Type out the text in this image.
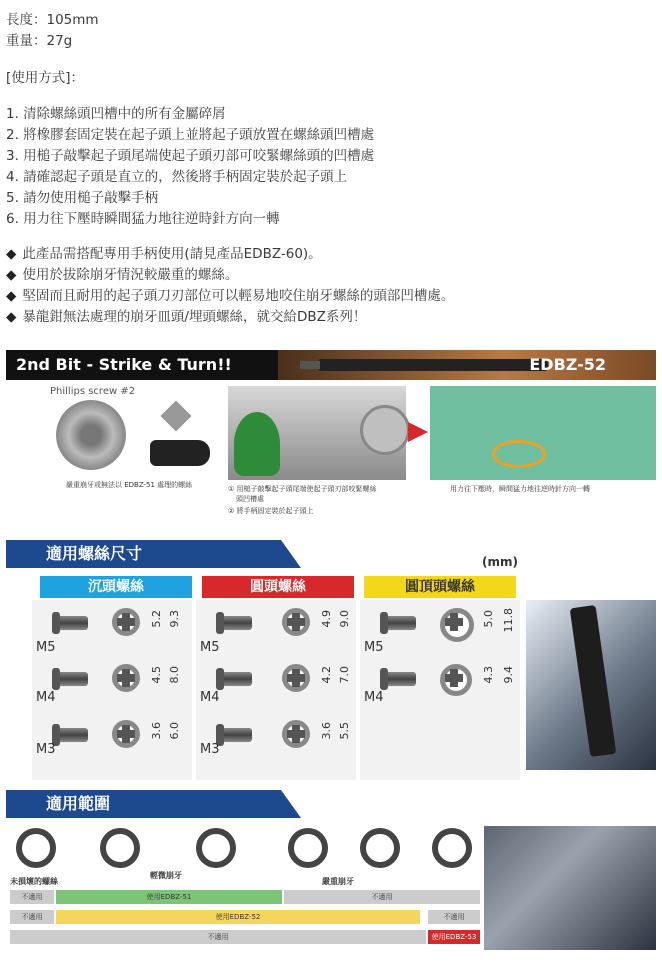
長度：105mm
重量：27g
[使用方式]：
1. 清除螺絲頭凹槽中的所有金屬碎屑
2. 將橡膠套固定裝在起子頭上並將起子頭放置在螺絲頭凹槽處
3. 用槌子敲擊起子頭尾端使起子頭刃部可咬緊螺絲頭的凹槽處
4. 請確認起子頭是直立的，然後將手柄固定裝於起子頭上
5. 請勿使用槌子敲擊手柄
6. 用力往下壓時瞬間猛力地往逆時針方向一轉
◆ 此產品需搭配專用手柄使用(請見產品EDBZ-60)。
◆ 使用於拔除崩牙情況較嚴重的螺絲。
◆ 堅固而且耐用的起子頭刀刃部位可以輕易地咬住崩牙螺絲的頭部凹槽處。
◆ 暴龍鉗無法處理的崩牙皿頭/埋頭螺絲，就交給DBZ系列！
2nd Bit - Strike & Turn!!	EDBZ-52
Phillips screw #2
嚴重崩牙或無法以 EDBZ-51 處理的螺絲	① 用槌子敲擊起子頭尾端使起子頭刃部咬緊螺絲
頭凹槽處
② 將手柄固定裝於起子頭上
用力往下壓時，瞬間猛力地往逆時針方向一轉
適用螺絲尺寸	(mm)
沉頭螺絲	圓頭螺絲	圓頂頭螺絲
M5
5.2 9.3
M4
4.5 8.0
M3
3.6 6.0
M5
4.9 9.0
M4
4.2 7.0
M3
3.6 5.5
M5
5.0 11.8
M4
4.3 9.4
適用範圍
未損壞的螺絲
輕微崩牙
嚴重崩牙
不適用	使用EDBZ-51	不適用
不適用	使用EDBZ-52	不適用
不適用	使用EDBZ-53
